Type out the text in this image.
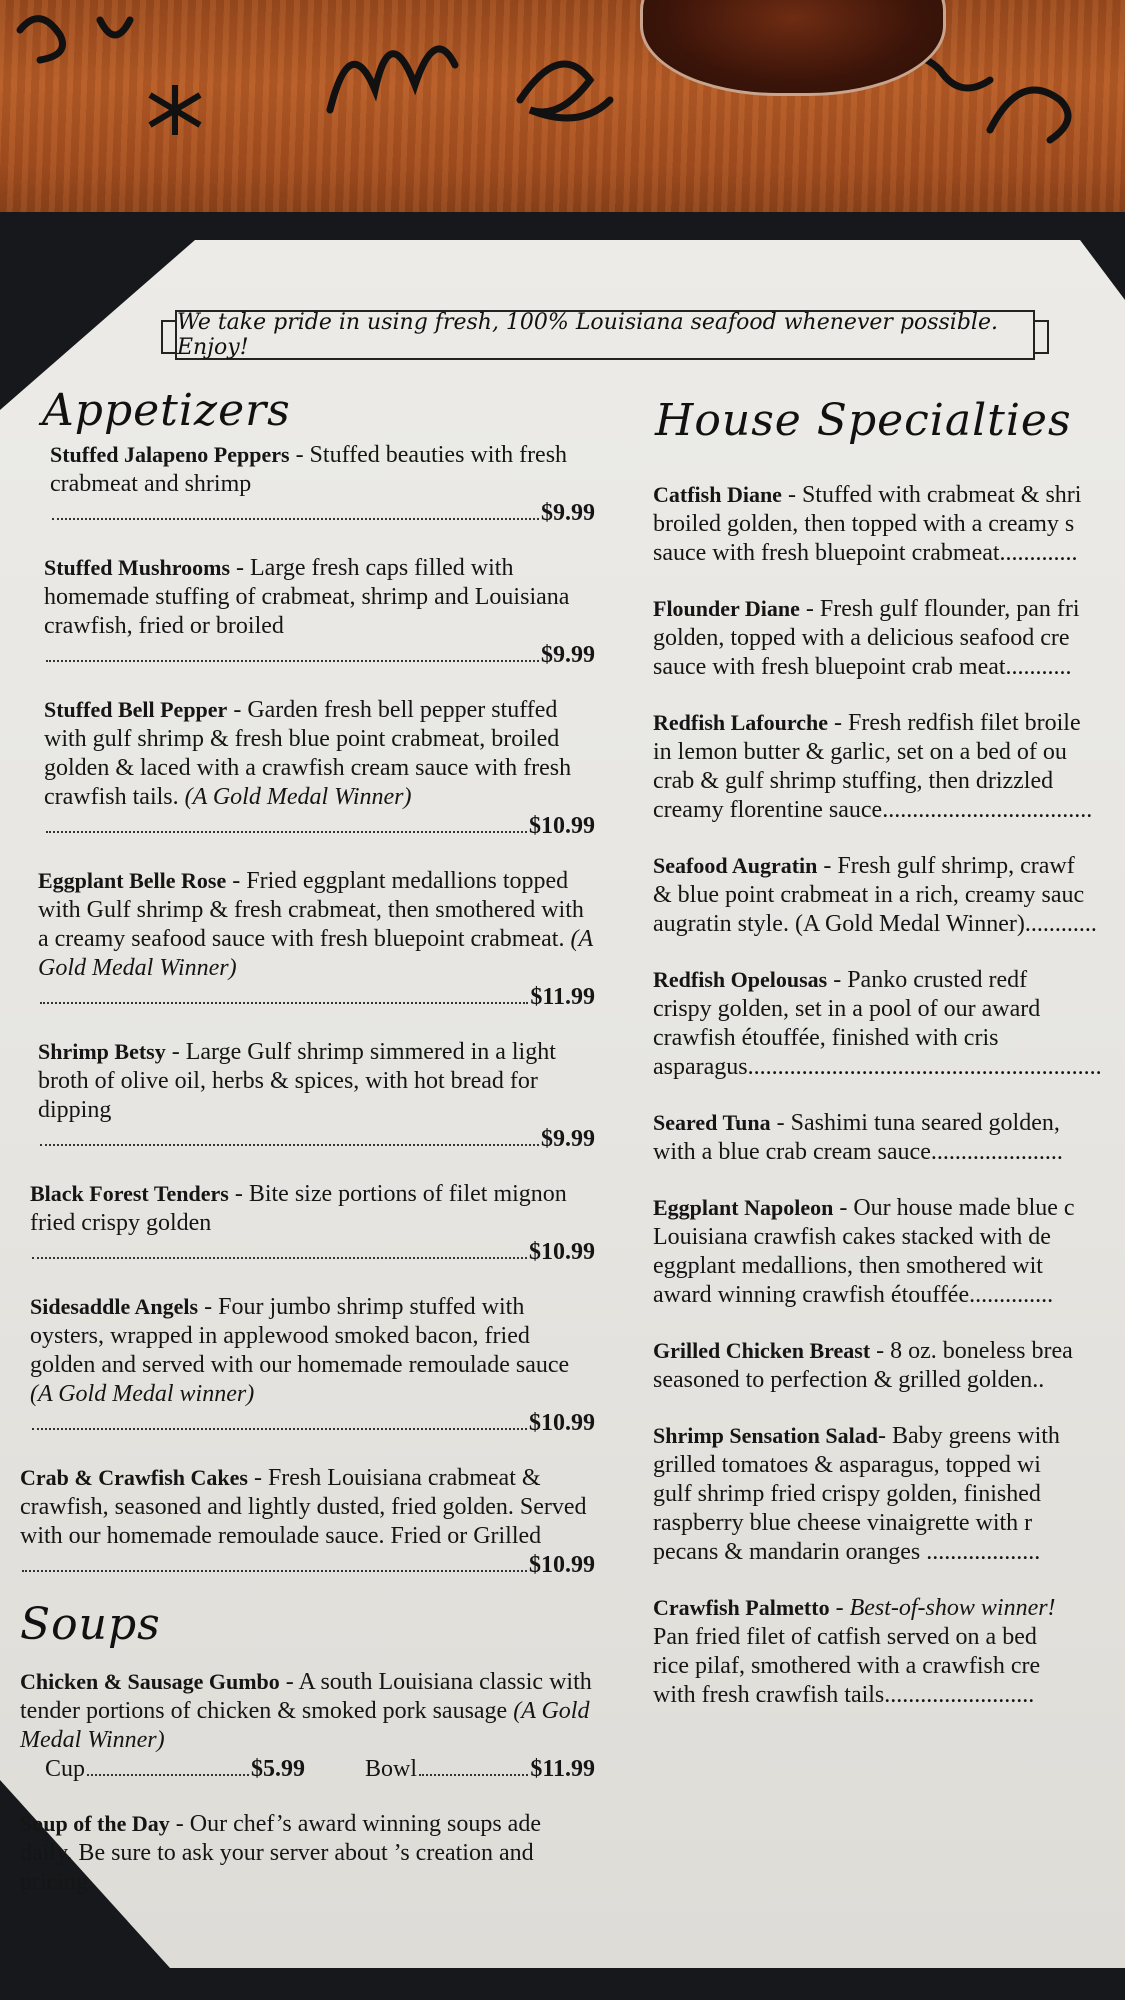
We take pride in using fresh, 100% Louisiana seafood whenever possible. Enjoy!
Appetizers	House Specialties
Stuffed Jalapeno Peppers - Stuffed beauties with fresh crabmeat and shrimp
$9.99
Stuffed Mushrooms - Large fresh caps filled with homemade stuffing of crabmeat, shrimp and Louisiana crawfish, fried or broiled
$9.99
Stuffed Bell Pepper - Garden fresh bell pepper stuffed with gulf shrimp & fresh blue point crabmeat, broiled golden & laced with a crawfish cream sauce with fresh crawfish tails. (A Gold Medal Winner)
$10.99
Eggplant Belle Rose - Fried eggplant medallions topped with Gulf shrimp & fresh crabmeat, then smothered with a creamy seafood sauce with fresh bluepoint crabmeat. (A Gold Medal Winner)
$11.99
Shrimp Betsy - Large Gulf shrimp simmered in a light broth of olive oil, herbs & spices, with hot bread for dipping
$9.99
Black Forest Tenders - Bite size portions of filet mignon fried crispy golden
$10.99
Sidesaddle Angels - Four jumbo shrimp stuffed with oysters, wrapped in applewood smoked bacon, fried golden and served with our homemade remoulade sauce (A Gold Medal winner)
$10.99
Crab & Crawfish Cakes - Fresh Louisiana crabmeat & crawfish, seasoned and lightly dusted, fried golden. Served with our homemade remoulade sauce. Fried or Grilled
$10.99
Soups
Chicken & Sausage Gumbo - A south Louisiana classic with tender portions of chicken & smoked pork sausage (A Gold Medal Winner)
Cup	$5.99	Bowl	$11.99
Soup of the Day - Our chef’s award winning soups ade daily. Be sure to ask your server about ’s creation and pricing.
Catfish Diane - Stuffed with crabmeat & shri
broiled golden, then topped with a creamy s
sauce with fresh bluepoint crabmeat.............
Flounder Diane - Fresh gulf flounder, pan fri
golden, topped with a delicious seafood cre
sauce with fresh bluepoint crab meat...........
Redfish Lafourche - Fresh redfish filet broile
in lemon butter & garlic, set on a bed of ou
crab & gulf shrimp stuffing, then drizzled
creamy florentine sauce...................................
Seafood Augratin - Fresh gulf shrimp, crawf
& blue point crabmeat in a rich, creamy sauc
augratin style. (A Gold Medal Winner)............
Redfish Opelousas - Panko crusted redf
crispy golden, set in a pool of our award
crawfish étouffée, finished with cris
asparagus...........................................................
Seared Tuna - Sashimi tuna seared golden,
with a blue crab cream sauce......................
Eggplant Napoleon - Our house made blue c
Louisiana crawfish cakes stacked with de
eggplant medallions, then smothered wit
award winning crawfish étouffée..............
Grilled Chicken Breast - 8 oz. boneless brea
seasoned to perfection & grilled golden..
Shrimp Sensation Salad- Baby greens with
grilled tomatoes & asparagus, topped wi
gulf shrimp fried crispy golden, finished
raspberry blue cheese vinaigrette with r
pecans & mandarin oranges ...................
Crawfish Palmetto - Best-of-show winner!
Pan fried filet of catfish served on a bed
rice pilaf, smothered with a crawfish cre
with fresh crawfish tails.........................
